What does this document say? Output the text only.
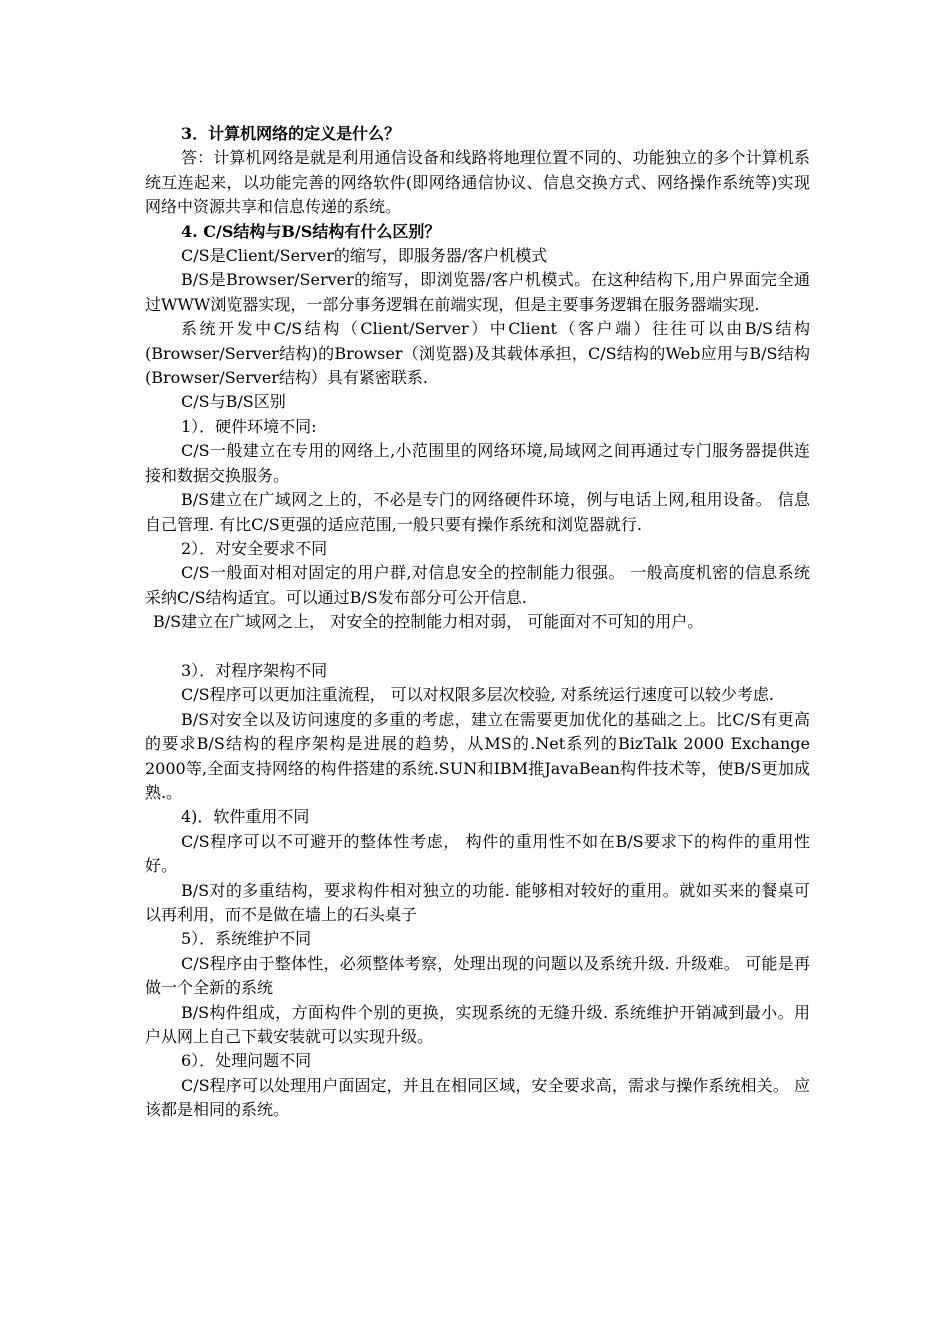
3．计算机网络的定义是什么？

答：计算机网络是就是利用通信设备和线路将地理位置不同的、功能独立的多个计算机系统互连起来，以功能完善的网络软件(即网络通信协议、信息交换方式、网络操作系统等)实现网络中资源共享和信息传递的系统。

4. C/S结构与B/S结构有什么区别？

C/S是Client/Server的缩写，即服务器/客户机模式

B/S是Browser/Server的缩写，即浏览器/客户机模式。在这种结构下,用户界面完全通过WWW浏览器实现，一部分事务逻辑在前端实现，但是主要事务逻辑在服务器端实现.

系统开发中C/S结构（Client/Server）中Client（客户端）往往可以由B/S结构(Browser/Server结构)的Browser（浏览器)及其载体承担，C/S结构的Web应用与B/S结构(Browser/Server结构）具有紧密联系.

C/S与B/S区别

1）．硬件环境不同:

C/S一般建立在专用的网络上,小范围里的网络环境,局域网之间再通过专门服务器提供连接和数据交换服务。

B/S建立在广域网之上的，不必是专门的网络硬件环境，例与电话上网,租用设备。 信息自己管理. 有比C/S更强的适应范围,一般只要有操作系统和浏览器就行.

2）．对安全要求不同

C/S一般面对相对固定的用户群,对信息安全的控制能力很强。 一般高度机密的信息系统采纳C/S结构适宜。可以通过B/S发布部分可公开信息.

B/S建立在广域网之上， 对安全的控制能力相对弱， 可能面对不可知的用户。

3）．对程序架构不同

C/S程序可以更加注重流程， 可以对权限多层次校验, 对系统运行速度可以较少考虑.

B/S对安全以及访问速度的多重的考虑，建立在需要更加优化的基础之上。比C/S有更高的要求B/S结构的程序架构是进展的趋势，从MS的.Net系列的BizTalk 2000 Exchange 2000等,全面支持网络的构件搭建的系统.SUN和IBM推JavaBean构件技术等，使B/S更加成熟.。

4)．软件重用不同

C/S程序可以不可避开的整体性考虑， 构件的重用性不如在B/S要求下的构件的重用性好。

B/S对的多重结构，要求构件相对独立的功能. 能够相对较好的重用。就如买来的餐桌可以再利用，而不是做在墙上的石头桌子

5）．系统维护不同

C/S程序由于整体性，必须整体考察，处理出现的问题以及系统升级. 升级难。 可能是再做一个全新的系统

B/S构件组成，方面构件个别的更换，实现系统的无缝升级. 系统维护开销减到最小。用户从网上自己下载安装就可以实现升级。

6）．处理问题不同

C/S程序可以处理用户面固定，并且在相同区域，安全要求高，需求与操作系统相关。 应该都是相同的系统。
